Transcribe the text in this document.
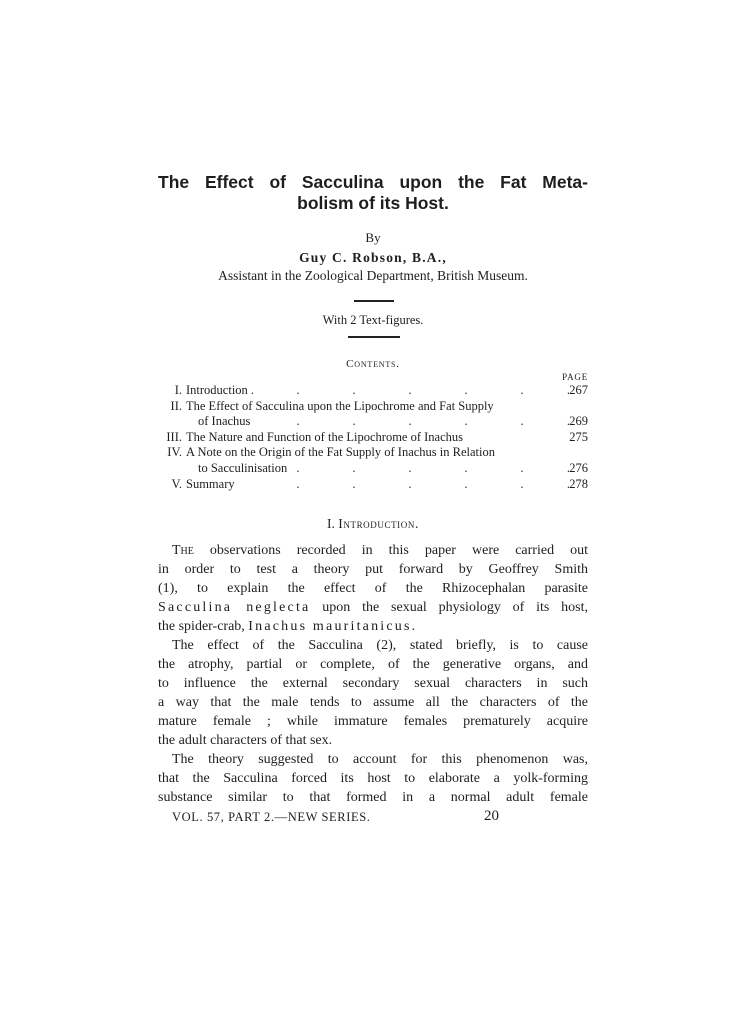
The Effect of Sacculina upon the Fat Meta-
bolism of its Host.
By
Guy C. Robson, B.A.,
Assistant in the Zoological Department, British Museum.
With 2 Text-figures.
Contents.
PAGE
I. Introduction .	267
.	.	.	.	.	.
II. The Effect of Sacculina upon the Lipochrome and Fat Supply
of Inachus	269
.	.	.	.	.	.
III. The Nature and Function of the Lipochrome of Inachus	275
IV. A Note on the Origin of the Fat Supply of Inachus in Relation
to Sacculinisation	276
.	.	.	.	.	.
V. Summary	278
.	.	.	.	.	.
I. Introduction.
The observations recorded in this paper were carried out
in order to test a theory put forward by Geoffrey Smith
(1), to explain the effect of the Rhizocephalan parasite
Sacculina neglecta upon the sexual physiology of its host,
the spider-crab, Inachus mauritanicus.
The effect of the Sacculina (2), stated briefly, is to cause
the atrophy, partial or complete, of the generative organs, and
to influence the external secondary sexual characters in such
a way that the male tends to assume all the characters of the
mature female ; while immature females prematurely acquire
the adult characters of that sex.
The theory suggested to account for this phenomenon was,
that the Sacculina forced its host to elaborate a yolk-forming
substance similar to that formed in a normal adult female
VOL. 57, PART 2.—NEW SERIES.	20
